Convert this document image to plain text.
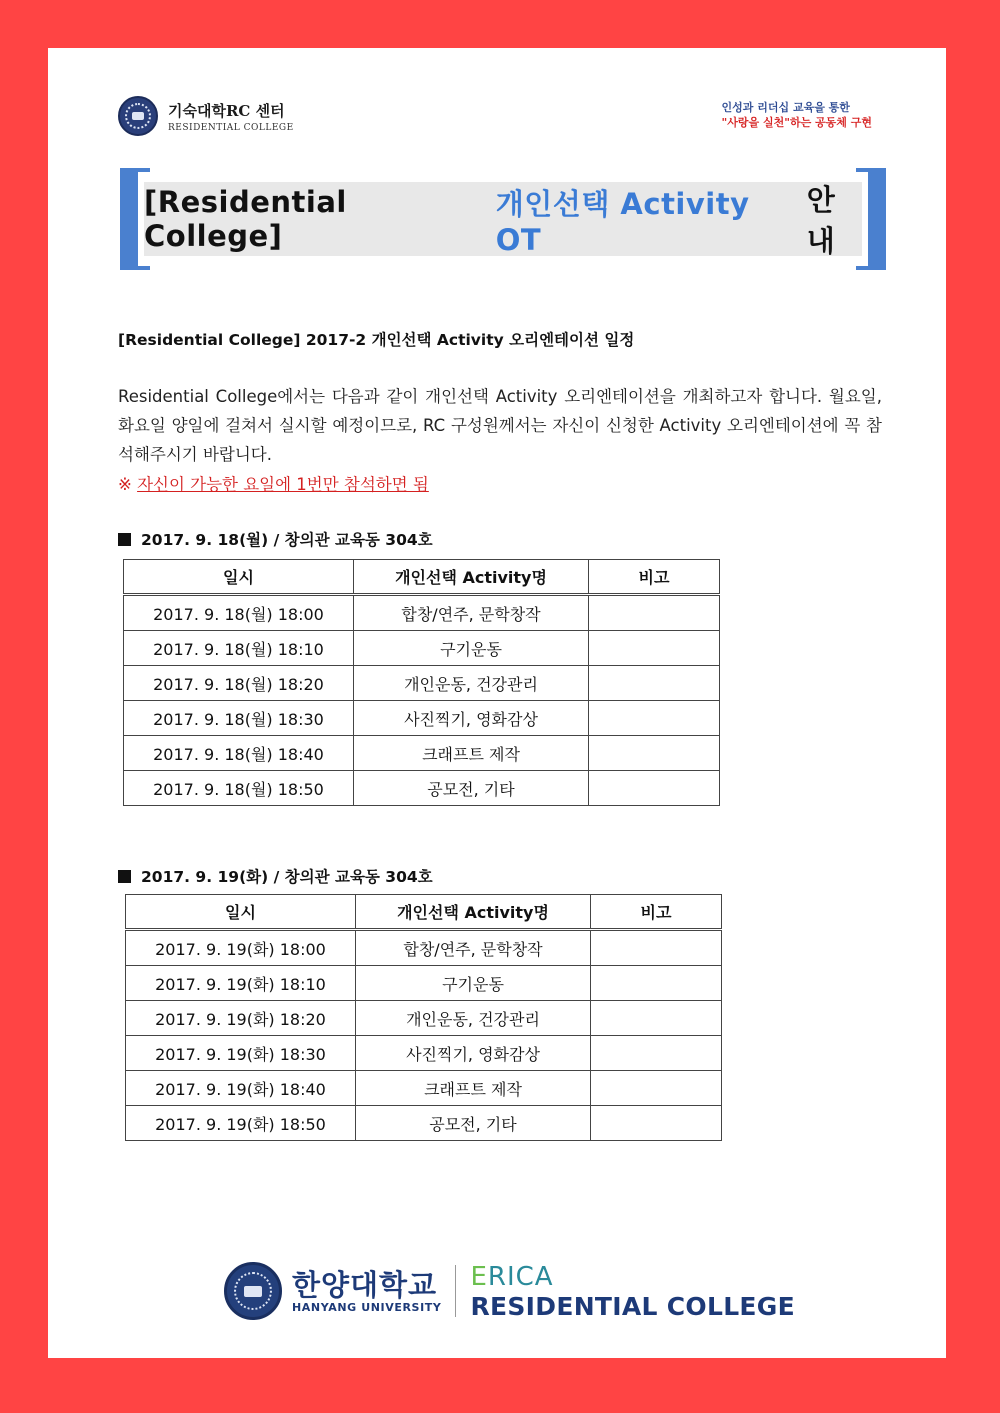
기숙대학RC 센터
RESIDENTIAL COLLEGE
인성과 리더십 교육을 통한
"사랑을 실천"하는 공동체 구현
[Residential College]

개인선택 Activity OT

안내
[Residential College] 2017-2 개인선택 Activity 오리엔테이션 일정
Residential College에서는 다음과 같이 개인선택 Activity 오리엔테이션을 개최하고자 합니다. 월요일, 화요일 양일에 걸쳐서 실시할 예정이므로, RC 구성원께서는 자신이 신청한 Activity 오리엔테이션에 꼭 참석해주시기 바랍니다.
※ 자신이 가능한 요일에 1번만 참석하면 됨
2017. 9. 18(월) / 창의관 교육동 304호
일시	개인선택 Activity명	비고
2017. 9. 18(월) 18:00	합창/연주, 문학창작	
2017. 9. 18(월) 18:10	구기운동	
2017. 9. 18(월) 18:20	개인운동, 건강관리	
2017. 9. 18(월) 18:30	사진찍기, 영화감상	
2017. 9. 18(월) 18:40	크래프트 제작	
2017. 9. 18(월) 18:50	공모전, 기타	
2017. 9. 19(화) / 창의관 교육동 304호
일시	개인선택 Activity명	비고
2017. 9. 19(화) 18:00	합창/연주, 문학창작	
2017. 9. 19(화) 18:10	구기운동	
2017. 9. 19(화) 18:20	개인운동, 건강관리	
2017. 9. 19(화) 18:30	사진찍기, 영화감상	
2017. 9. 19(화) 18:40	크래프트 제작	
2017. 9. 19(화) 18:50	공모전, 기타	
한양대학교
HANYANG UNIVERSITY
ERICA
RESIDENTIAL COLLEGE
